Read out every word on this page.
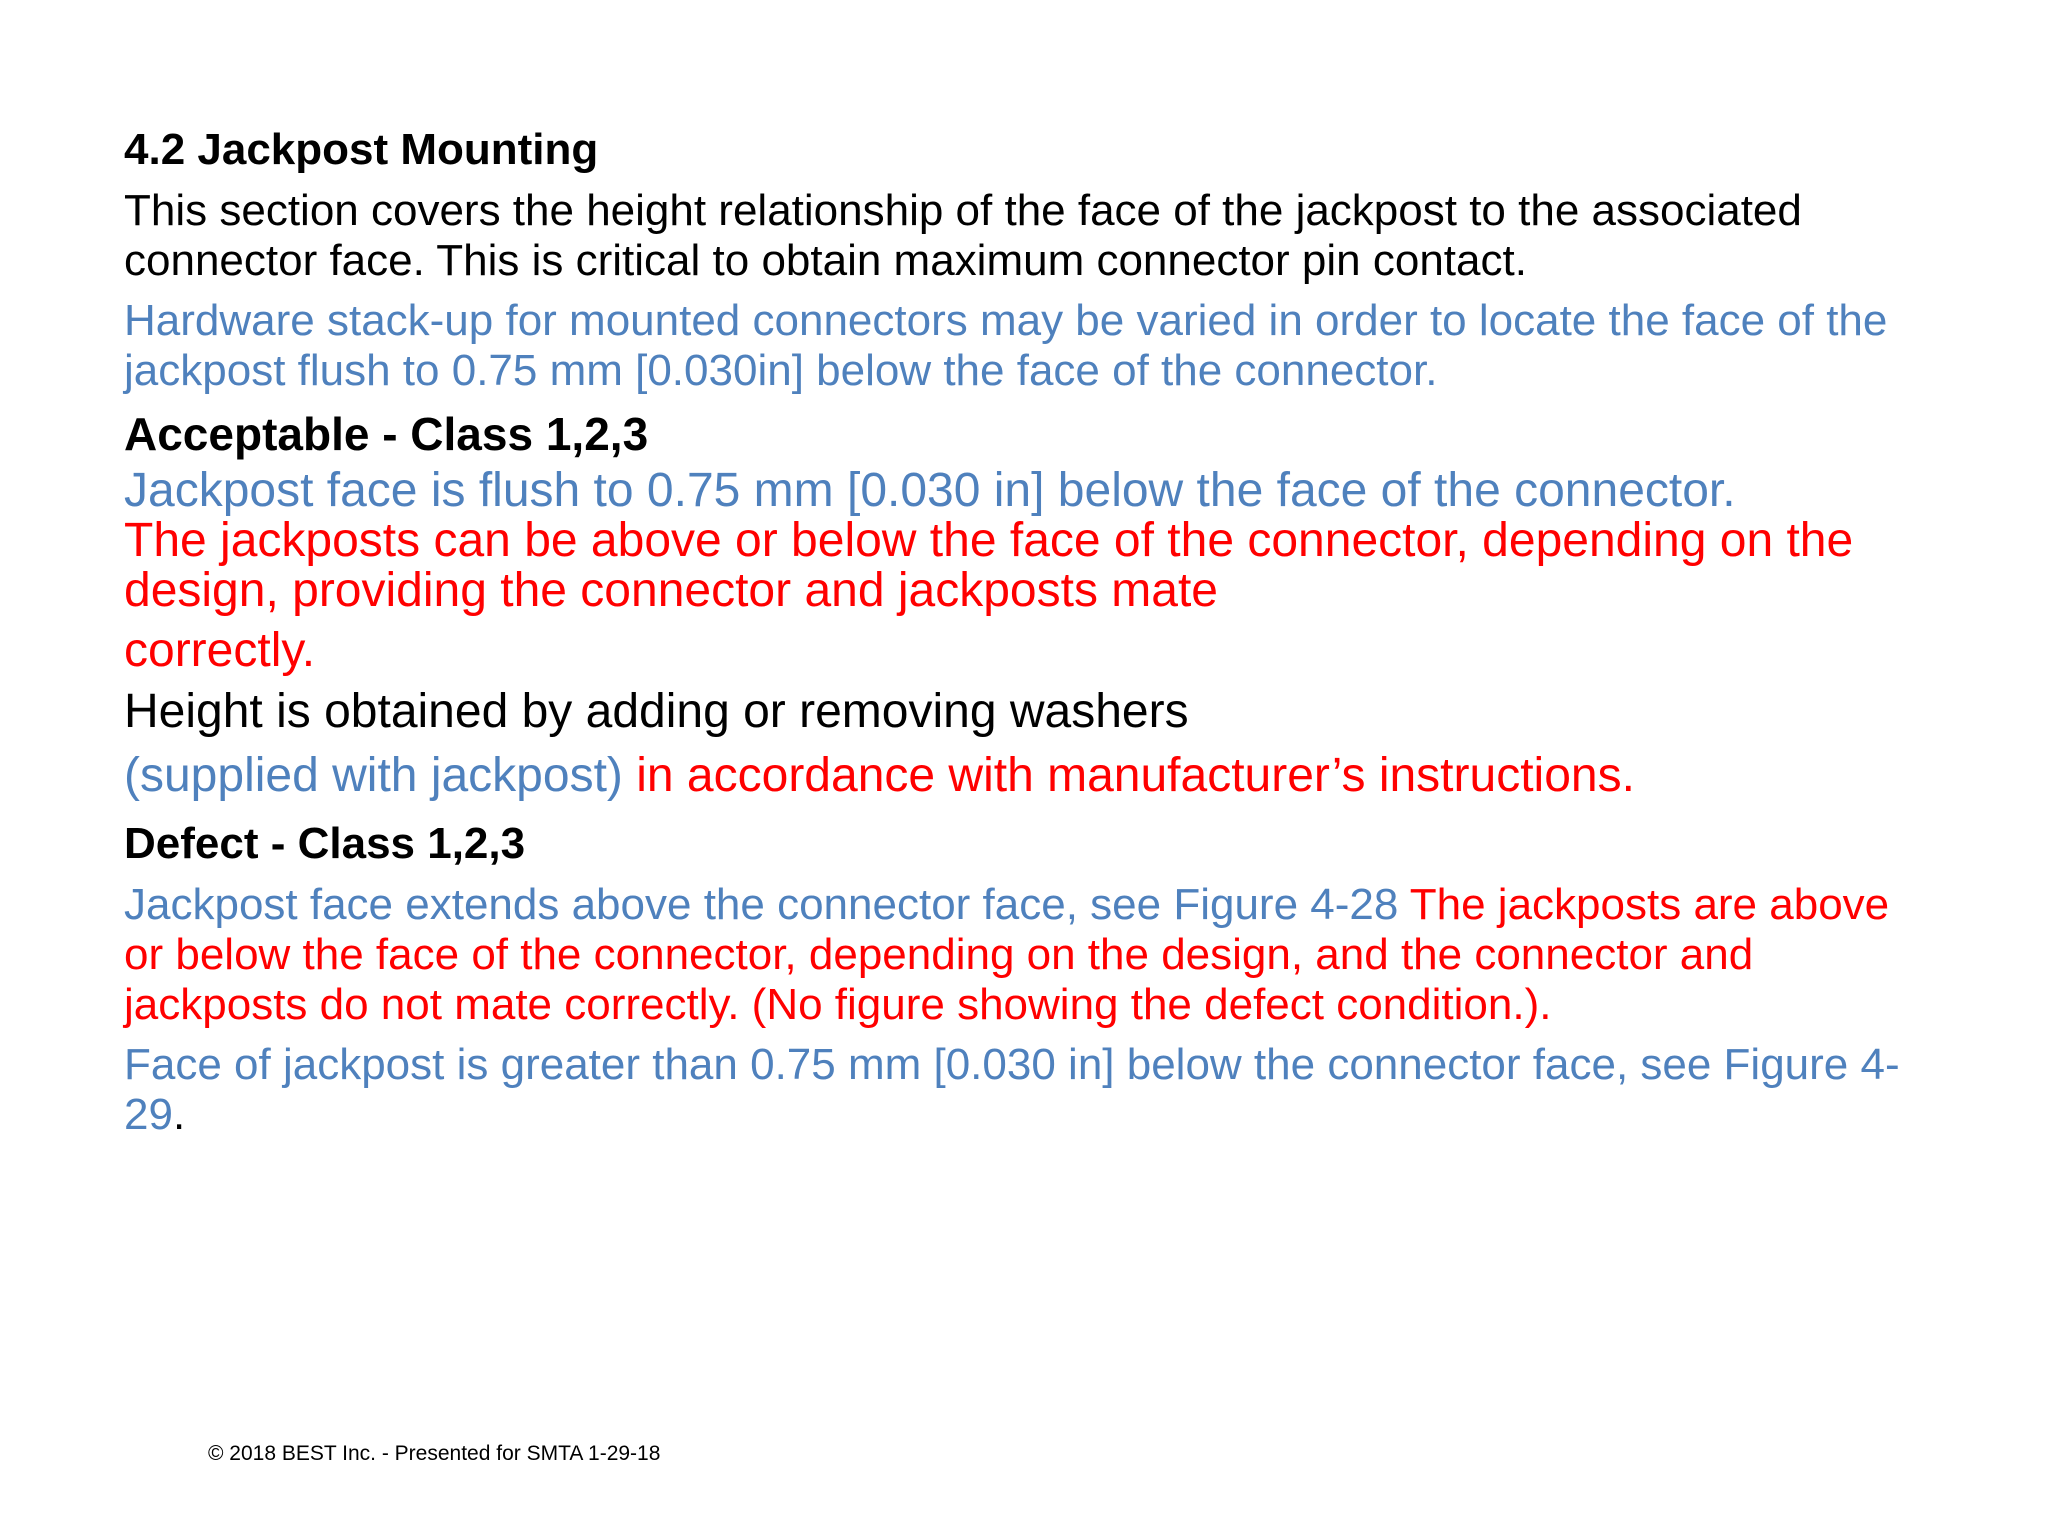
4.2 Jackpost Mounting

This section covers the height relationship of the face of the jackpost to the associated connector face. This is critical to obtain maximum connector pin contact.

Hardware stack-up for mounted connectors may be varied in order to locate the face of the jackpost flush to 0.75 mm [0.030in] below the face of the connector.

Acceptable - Class 1,2,3

Jackpost face is flush to 0.75 mm [0.030 in] below the face of the connector.

The jackposts can be above or below the face of the connector, depending on the design, providing the connector and jackposts mate

correctly.

Height is obtained by adding or removing washers

(supplied with jackpost) in accordance with manufacturer’s instructions.

Defect - Class 1,2,3

Jackpost face extends above the connector face, see Figure 4-28 The jackposts are above or below the face of the connector, depending on the design, and the connector and jackposts do not mate correctly. (No figure showing the defect condition.).

Face of jackpost is greater than 0.75 mm [0.030 in] below the connector face, see Figure 4-29.

© 2018 BEST Inc. - Presented for SMTA 1-29-18
